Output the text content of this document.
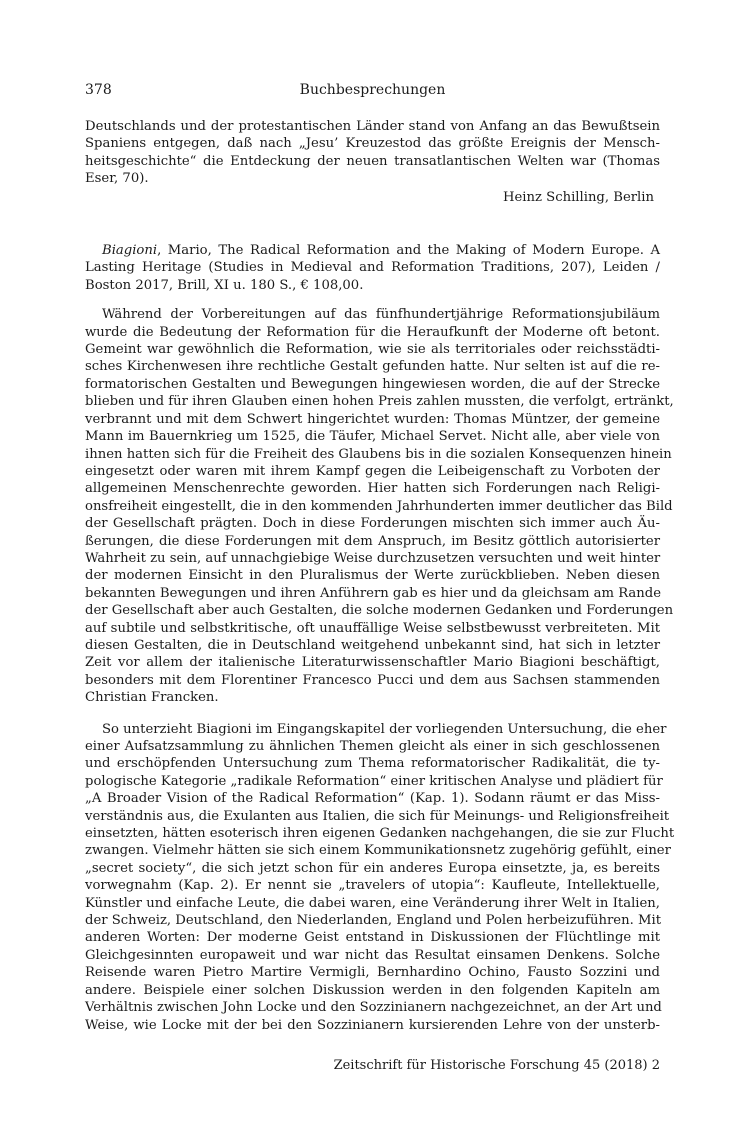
378	Buchbesprechungen
Deutschlands und der protestantischen Länder stand von Anfang an das Bewußtsein
Spaniens entgegen, daß nach „Jesu’ Kreuzestod das größte Ereignis der Mensch-
heitsgeschichte“ die Entdeckung der neuen transatlantischen Welten war (Thomas
Eser, 70).
Heinz Schilling, Berlin
Biagioni, Mario, The Radical Reformation and the Making of Modern Europe. A
Lasting Heritage (Studies in Medieval and Reformation Traditions, 207), Leiden /
Boston 2017, Brill, XI u. 180 S., € 108,00.
Während der Vorbereitungen auf das fünfhundertjährige Reformationsjubiläum
wurde die Bedeutung der Reformation für die Heraufkunft der Moderne oft betont.
Gemeint war gewöhnlich die Reformation, wie sie als territoriales oder reichsstädti-
sches Kirchenwesen ihre rechtliche Gestalt gefunden hatte. Nur selten ist auf die re-
formatorischen Gestalten und Bewegungen hingewiesen worden, die auf der Strecke
blieben und für ihren Glauben einen hohen Preis zahlen mussten, die verfolgt, ertränkt,
verbrannt und mit dem Schwert hingerichtet wurden: Thomas Müntzer, der gemeine
Mann im Bauernkrieg um 1525, die Täufer, Michael Servet. Nicht alle, aber viele von
ihnen hatten sich für die Freiheit des Glaubens bis in die sozialen Konsequenzen hinein
eingesetzt oder waren mit ihrem Kampf gegen die Leibeigenschaft zu Vorboten der
allgemeinen Menschenrechte geworden. Hier hatten sich Forderungen nach Religi-
onsfreiheit eingestellt, die in den kommenden Jahrhunderten immer deutlicher das Bild
der Gesellschaft prägten. Doch in diese Forderungen mischten sich immer auch Äu-
ßerungen, die diese Forderungen mit dem Anspruch, im Besitz göttlich autorisierter
Wahrheit zu sein, auf unnachgiebige Weise durchzusetzen versuchten und weit hinter
der modernen Einsicht in den Pluralismus der Werte zurückblieben. Neben diesen
bekannten Bewegungen und ihren Anführern gab es hier und da gleichsam am Rande
der Gesellschaft aber auch Gestalten, die solche modernen Gedanken und Forderungen
auf subtile und selbstkritische, oft unauffällige Weise selbstbewusst verbreiteten. Mit
diesen Gestalten, die in Deutschland weitgehend unbekannt sind, hat sich in letzter
Zeit vor allem der italienische Literaturwissenschaftler Mario Biagioni beschäftigt,
besonders mit dem Florentiner Francesco Pucci und dem aus Sachsen stammenden
Christian Francken.
So unterzieht Biagioni im Eingangskapitel der vorliegenden Untersuchung, die eher
einer Aufsatzsammlung zu ähnlichen Themen gleicht als einer in sich geschlossenen
und erschöpfenden Untersuchung zum Thema reformatorischer Radikalität, die ty-
pologische Kategorie „radikale Reformation“ einer kritischen Analyse und plädiert für
„A Broader Vision of the Radical Reformation“ (Kap. 1). Sodann räumt er das Miss-
verständnis aus, die Exulanten aus Italien, die sich für Meinungs- und Religionsfreiheit
einsetzten, hätten esoterisch ihren eigenen Gedanken nachgehangen, die sie zur Flucht
zwangen. Vielmehr hätten sie sich einem Kommunikationsnetz zugehörig gefühlt, einer
„secret society“, die sich jetzt schon für ein anderes Europa einsetzte, ja, es bereits
vorwegnahm (Kap. 2). Er nennt sie „travelers of utopia“: Kaufleute, Intellektuelle,
Künstler und einfache Leute, die dabei waren, eine Veränderung ihrer Welt in Italien,
der Schweiz, Deutschland, den Niederlanden, England und Polen herbeizuführen. Mit
anderen Worten: Der moderne Geist entstand in Diskussionen der Flüchtlinge mit
Gleichgesinnten europaweit und war nicht das Resultat einsamen Denkens. Solche
Reisende waren Pietro Martire Vermigli, Bernhardino Ochino, Fausto Sozzini und
andere. Beispiele einer solchen Diskussion werden in den folgenden Kapiteln am
Verhältnis zwischen John Locke und den Sozzinianern nachgezeichnet, an der Art und
Weise, wie Locke mit der bei den Sozzinianern kursierenden Lehre von der unsterb-
Zeitschrift für Historische Forschung 45 (2018) 2
